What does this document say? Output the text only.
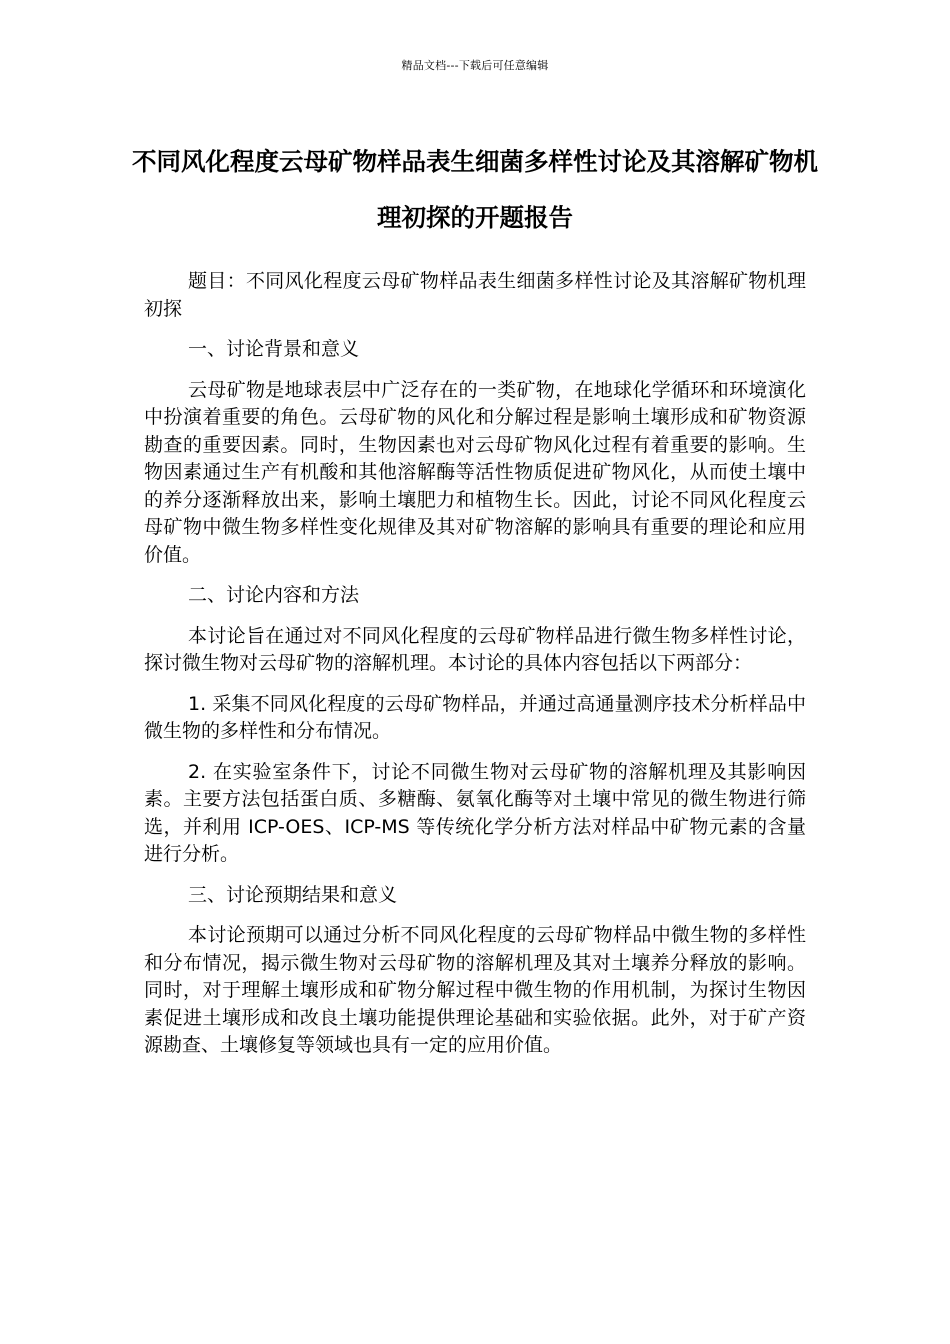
精品文档---下载后可任意编辑
不同风化程度云母矿物样品表生细菌多样性讨论及其溶解矿物机理初探的开题报告

题目：不同风化程度云母矿物样品表生细菌多样性讨论及其溶解矿物机理初探

一、讨论背景和意义

云母矿物是地球表层中广泛存在的一类矿物，在地球化学循环和环境演化中扮演着重要的角色。云母矿物的风化和分解过程是影响土壤形成和矿物资源勘查的重要因素。同时，生物因素也对云母矿物风化过程有着重要的影响。生物因素通过生产有机酸和其他溶解酶等活性物质促进矿物风化，从而使土壤中的养分逐渐释放出来，影响土壤肥力和植物生长。因此，讨论不同风化程度云母矿物中微生物多样性变化规律及其对矿物溶解的影响具有重要的理论和应用价值。

二、讨论内容和方法

本讨论旨在通过对不同风化程度的云母矿物样品进行微生物多样性讨论，探讨微生物对云母矿物的溶解机理。本讨论的具体内容包括以下两部分：

1. 采集不同风化程度的云母矿物样品，并通过高通量测序技术分析样品中微生物的多样性和分布情况。

2. 在实验室条件下，讨论不同微生物对云母矿物的溶解机理及其影响因素。主要方法包括蛋白质、多糖酶、氨氧化酶等对土壤中常见的微生物进行筛选，并利用 ICP-OES、ICP-MS 等传统化学分析方法对样品中矿物元素的含量进行分析。

三、讨论预期结果和意义

本讨论预期可以通过分析不同风化程度的云母矿物样品中微生物的多样性和分布情况，揭示微生物对云母矿物的溶解机理及其对土壤养分释放的影响。同时，对于理解土壤形成和矿物分解过程中微生物的作用机制，为探讨生物因素促进土壤形成和改良土壤功能提供理论基础和实验依据。此外，对于矿产资源勘查、土壤修复等领域也具有一定的应用价值。
